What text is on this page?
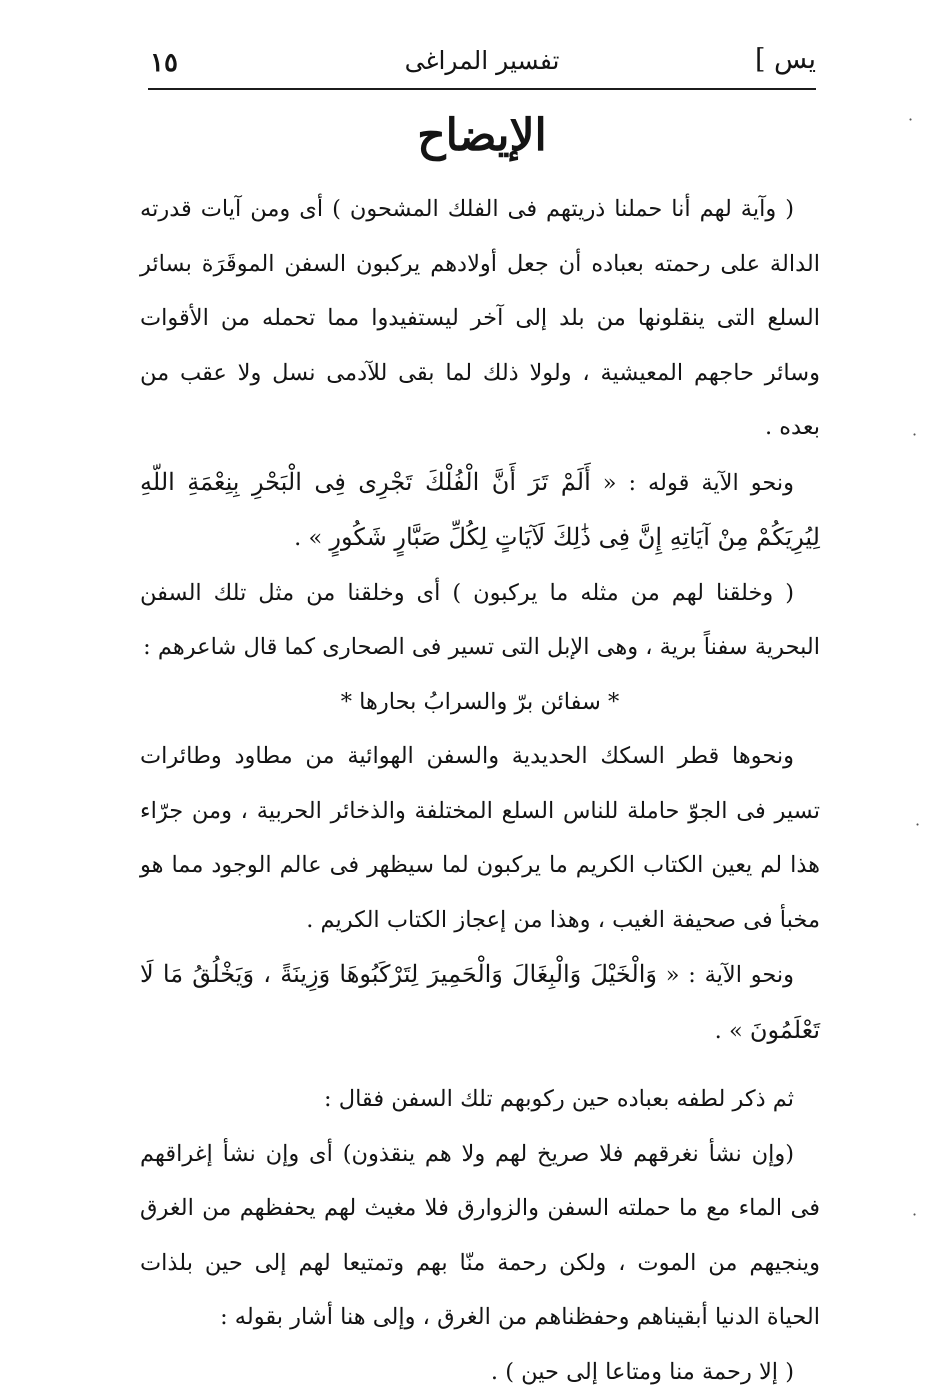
يس ]
تفسير المراغى
١٥
الإيضاح

( وآية لهم أنا حملنا ذريتهم فى الفلك المشحون ) أى ومن آيات قدرته الدالة على رحمته بعباده أن جعل أولادهم يركبون السفن الموقَرَة بسائر السلع التى ينقلونها من بلد إلى آخر ليستفيدوا مما تحمله من الأقوات وسائر حاجهم المعيشية ، ولولا ذلك لما بقى للآدمى نسل ولا عقب من بعده .

ونحو الآية قوله : « أَلَمْ تَرَ أَنَّ الْفُلْكَ تَجْرِى فِى الْبَحْرِ بِنِعْمَةِ اللّهِ لِيُرِيَكُمْ مِنْ آيَاتِهِ إِنَّ فِى ذَٰلِكَ لَآيَاتٍ لِكُلِّ صَبَّارٍ شَكُورٍ » .

( وخلقنا لهم من مثله ما يركبون ) أى وخلقنا من مثل تلك السفن البحرية سفناً برية ، وهى الإبل التى تسير فى الصحارى كما قال شاعرهم :

* سفائن برّ والسرابُ بحارها *

ونحوها قطر السكك الحديدية والسفن الهوائية من مطاود وطائرات تسير فى الجوّ حاملة للناس السلع المختلفة والذخائر الحربية ، ومن جرّاء هذا لم يعين الكتاب الكريم ما يركبون لما سيظهر فى عالم الوجود مما هو مخبأ فى صحيفة الغيب ، وهذا من إعجاز الكتاب الكريم .

ونحو الآية : « وَالْخَيْلَ وَالْبِغَالَ وَالْحَمِيرَ لِتَرْكَبُوهَا وَزِينَةً ، وَيَخْلُقُ مَا لَا تَعْلَمُونَ » .

ثم ذكر لطفه بعباده حين ركوبهم تلك السفن فقال :

(وإن نشأ نغرقهم فلا صريخ لهم ولا هم ينقذون) أى وإن نشأ إغراقهم فى الماء مع ما حملته السفن والزوارق فلا مغيث لهم يحفظهم من الغرق وينجيهم من الموت ، ولكن رحمة منّا بهم وتمتيعا لهم إلى حين بلذات الحياة الدنيا أبقيناهم وحفظناهم من الغرق ، وإلى هنا أشار بقوله :

( إلا رحمة منا ومتاعا إلى حين ) .

·
·
·
·
